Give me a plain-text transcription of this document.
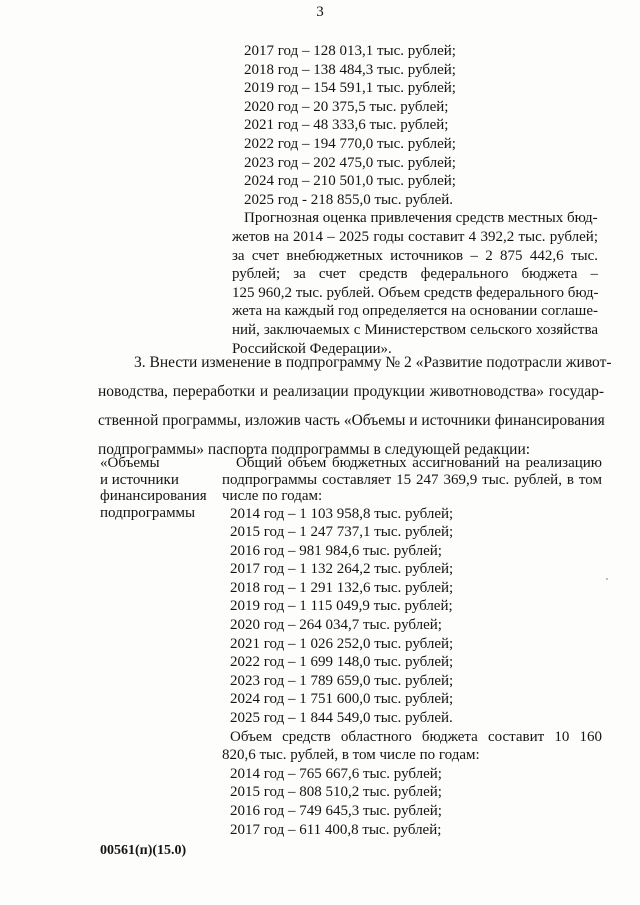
3
2017 год – 128 013,1 тыс. рублей;
2018 год – 138 484,3 тыс. рублей;
2019 год – 154 591,1 тыс. рублей;
2020 год – 20 375,5 тыс. рублей;
2021 год – 48 333,6 тыс. рублей;
2022 год – 194 770,0 тыс. рублей;
2023 год – 202 475,0 тыс. рублей;
2024 год – 210 501,0 тыс. рублей;
2025 год - 218 855,0 тыс. рублей.
Прогнозная оценка привлечения средств местных бюд-
жетов на 2014 – 2025 годы составит 4 392,2 тыс. рублей;
за счет внебюджетных источников – 2 875 442,6 тыс.
рублей; за счет средств федерального бюджета –
125 960,2 тыс. рублей. Объем средств федерального бюд-
жета на каждый год определяется на основании соглаше-
ний, заключаемых с Министерством сельского хозяйства
Российской Федерации».
3. Внести изменение в подпрограмму № 2 «Развитие подотрасли живот-
новодства, переработки и реализации продукции животноводства» государ-
ственной программы, изложив часть «Объемы и источники финансирования
подпрограммы» паспорта подпрограммы в следующей редакции:
«Объемы
и источники
финансирования
подпрограммы
Общий объем бюджетных ассигнований на реализацию
подпрограммы составляет 15 247 369,9 тыс. рублей, в том
числе по годам:
2014 год – 1 103 958,8 тыс. рублей;
2015 год – 1 247 737,1 тыс. рублей;
2016 год – 981 984,6 тыс. рублей;
2017 год – 1 132 264,2 тыс. рублей;
2018 год – 1 291 132,6 тыс. рублей;
2019 год – 1 115 049,9 тыс. рублей;
2020 год – 264 034,7 тыс. рублей;
2021 год – 1 026 252,0 тыс. рублей;
2022 год – 1 699 148,0 тыс. рублей;
2023 год – 1 789 659,0 тыс. рублей;
2024 год – 1 751 600,0 тыс. рублей;
2025 год – 1 844 549,0 тыс. рублей.
Объем средств областного бюджета составит 10 160
820,6 тыс. рублей, в том числе по годам:
2014 год – 765 667,6 тыс. рублей;
2015 год – 808 510,2 тыс. рублей;
2016 год – 749 645,3 тыс. рублей;
2017 год – 611 400,8 тыс. рублей;
00561(п)(15.0)
